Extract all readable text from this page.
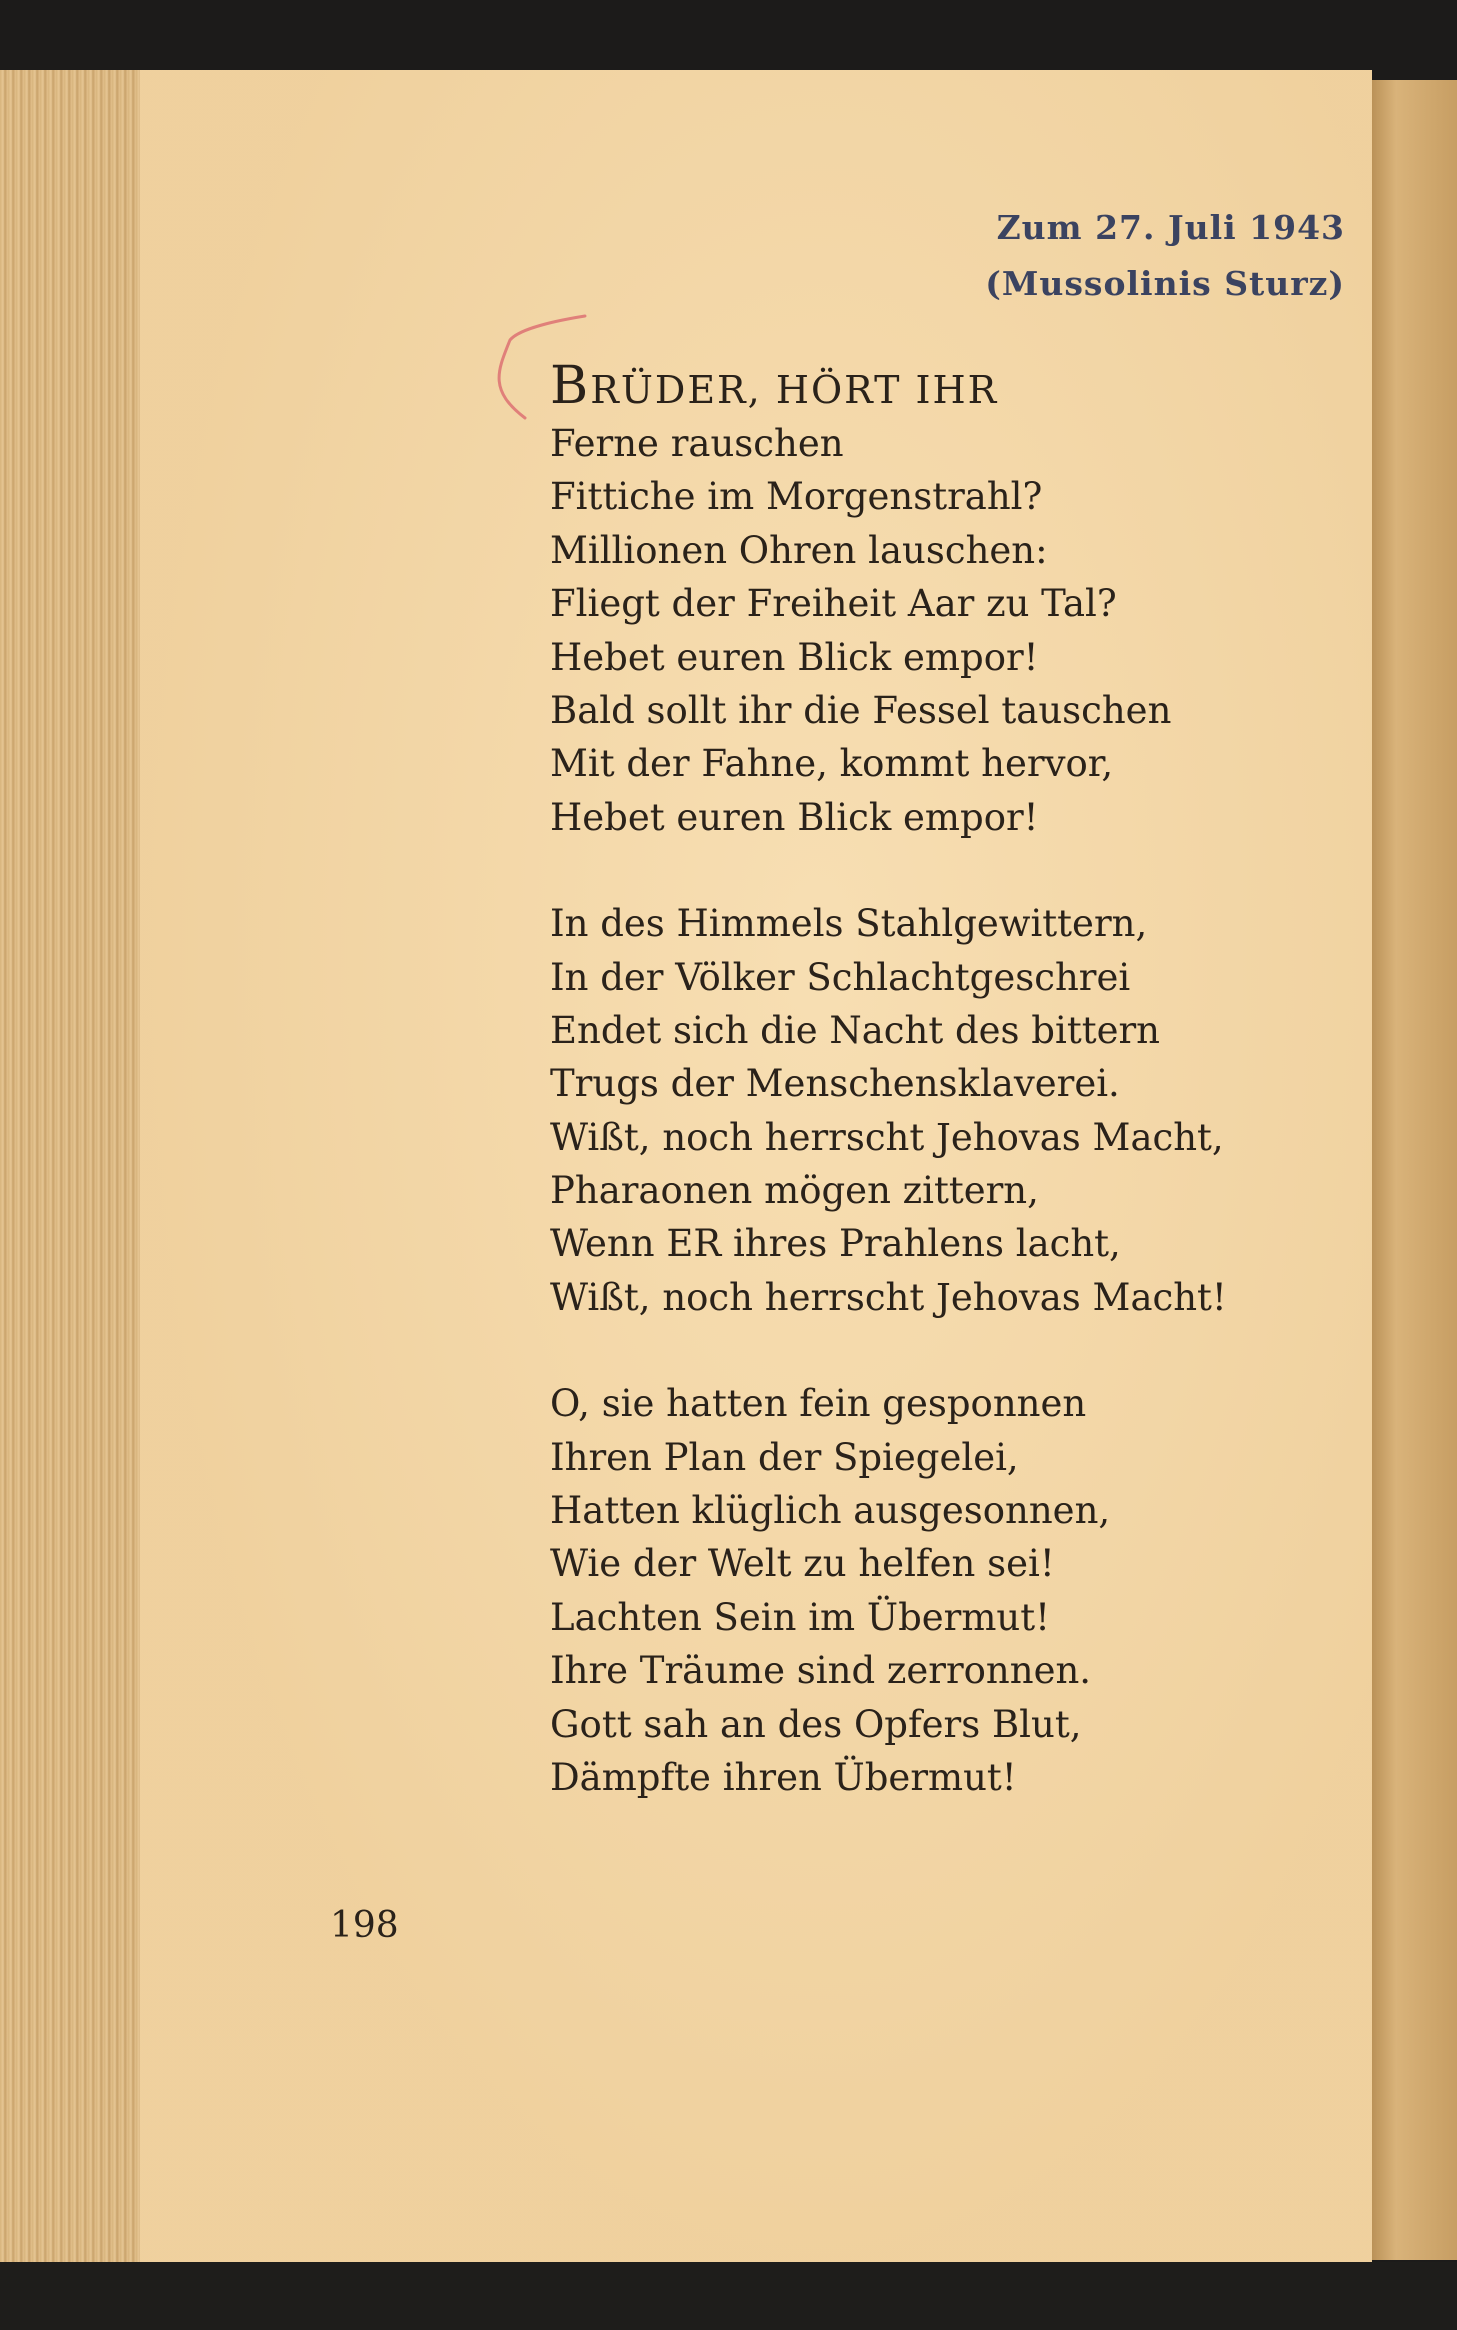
Zum 27. Juli 1943
(Mussolinis Sturz)
BRÜDER, HÖRT IHR
Ferne rauschen
Fittiche im Morgenstrahl?
Millionen Ohren lauschen:
Fliegt der Freiheit Aar zu Tal?
Hebet euren Blick empor!
Bald sollt ihr die Fessel tauschen
Mit der Fahne, kommt hervor,
Hebet euren Blick empor!
In des Himmels Stahlgewittern,
In der Völker Schlachtgeschrei
Endet sich die Nacht des bittern
Trugs der Menschensklaverei.
Wißt, noch herrscht Jehovas Macht,
Pharaonen mögen zittern,
Wenn ER ihres Prahlens lacht,
Wißt, noch herrscht Jehovas Macht!
O, sie hatten fein gesponnen
Ihren Plan der Spiegelei,
Hatten klüglich ausgesonnen,
Wie der Welt zu helfen sei!
Lachten Sein im Übermut!
Ihre Träume sind zerronnen.
Gott sah an des Opfers Blut,
Dämpfte ihren Übermut!
198
